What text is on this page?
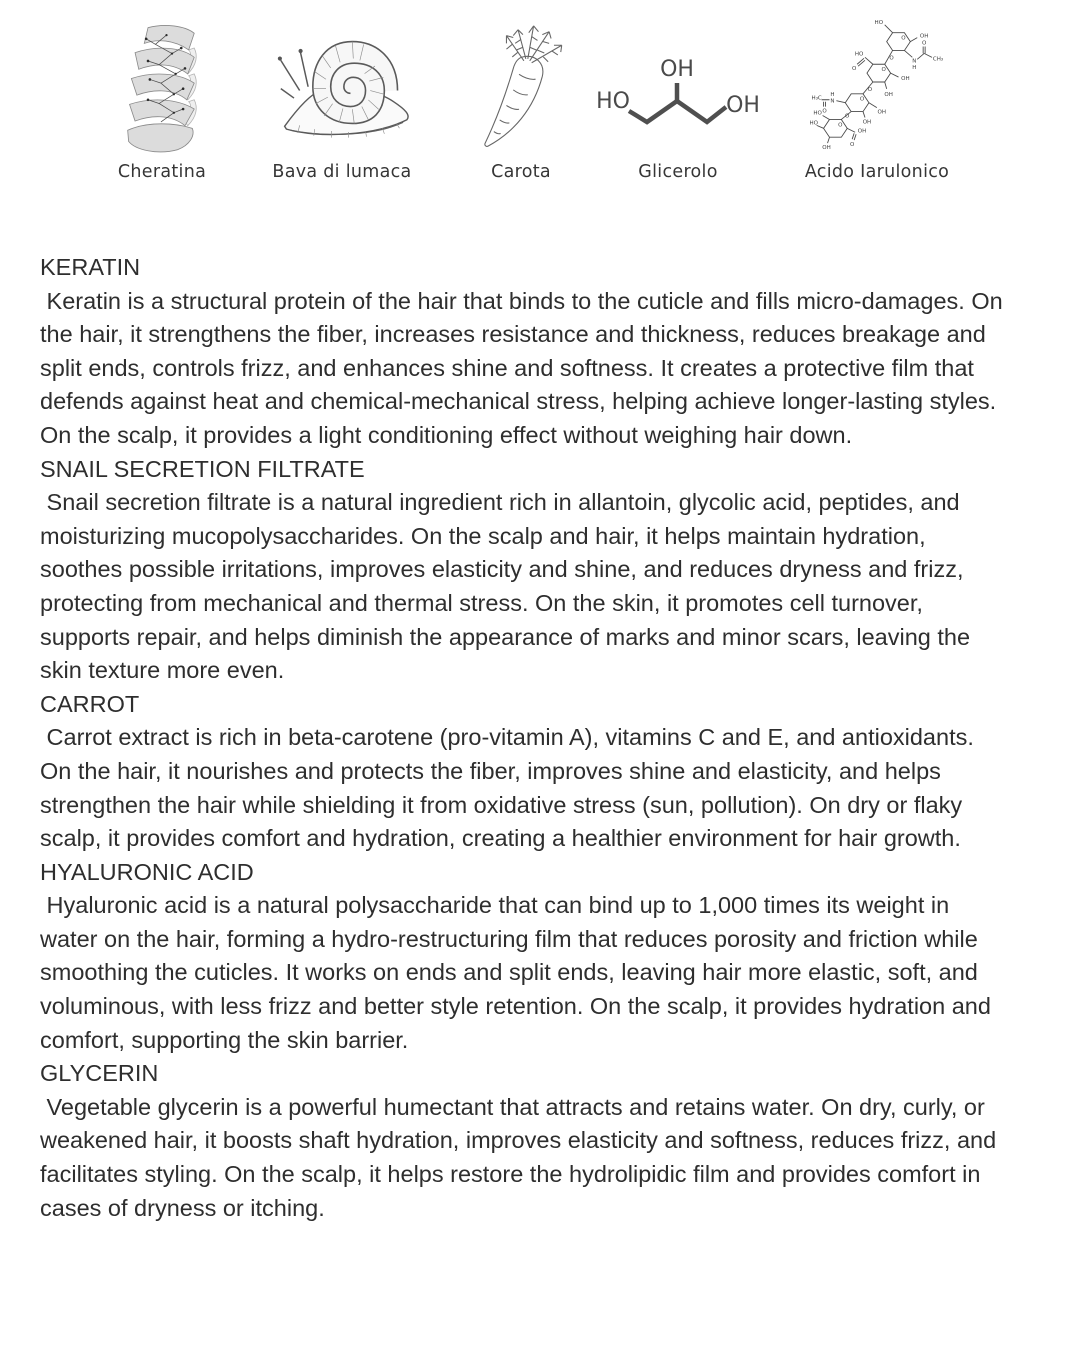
Cheratina	Bava di lumaca	Carota
OH
HO	OH
Glicerolo
O
O
O
O
O
O
O
HO
OH
N
H
O
CH₃
HO
O
OH
OH
H₃C N
H
O
OH
OH
HO
HO
OH
OH
O
Acido Iarulonico
KERATIN

Keratin is a structural protein of the hair that binds to the cuticle and fills micro-damages. On the hair, it strengthens the fiber, increases resistance and thickness, reduces breakage and split ends, controls frizz, and enhances shine and softness. It creates a protective film that defends against heat and chemical-mechanical stress, helping achieve longer-lasting styles. On the scalp, it provides a light conditioning effect without weighing hair down.

SNAIL SECRETION FILTRATE

Snail secretion filtrate is a natural ingredient rich in allantoin, glycolic acid, peptides, and moisturizing mucopolysaccharides. On the scalp and hair, it helps maintain hydration, soothes possible irritations, improves elasticity and shine, and reduces dryness and frizz, protecting from mechanical and thermal stress. On the skin, it promotes cell turnover, supports repair, and helps diminish the appearance of marks and minor scars, leaving the skin texture more even.

CARROT

Carrot extract is rich in beta-carotene (pro-vitamin A), vitamins C and E, and antioxidants. On the hair, it nourishes and protects the fiber, improves shine and elasticity, and helps strengthen the hair while shielding it from oxidative stress (sun, pollution). On dry or flaky scalp, it provides comfort and hydration, creating a healthier environment for hair growth.

HYALURONIC ACID

Hyaluronic acid is a natural polysaccharide that can bind up to 1,000 times its weight in water on the hair, forming a hydro-restructuring film that reduces porosity and friction while smoothing the cuticles. It works on ends and split ends, leaving hair more elastic, soft, and voluminous, with less frizz and better style retention. On the scalp, it provides hydration and comfort, supporting the skin barrier.

GLYCERIN

Vegetable glycerin is a powerful humectant that attracts and retains water. On dry, curly, or weakened hair, it boosts shaft hydration, improves elasticity and softness, reduces frizz, and facilitates styling. On the scalp, it helps restore the hydrolipidic film and provides comfort in cases of dryness or itching.
